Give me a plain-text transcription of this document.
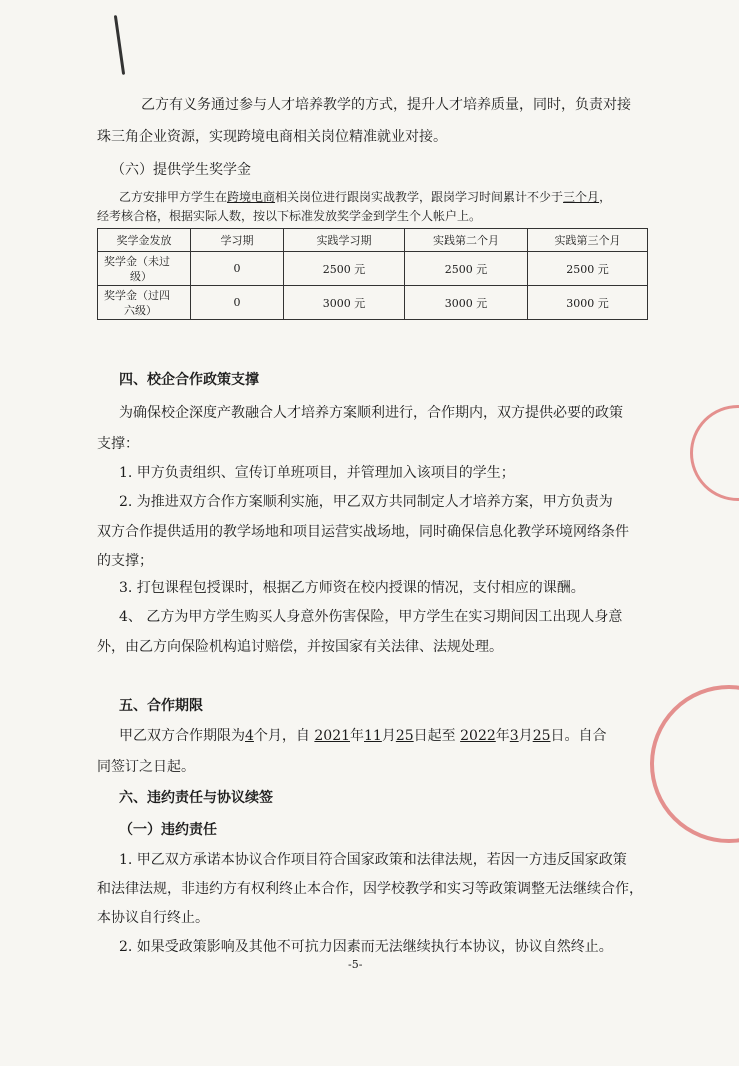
乙方有义务通过参与人才培养教学的方式，提升人才培养质量，同时，负责对接
珠三角企业资源，实现跨境电商相关岗位精准就业对接。
（六）提供学生奖学金
乙方安排甲方学生在跨境电商相关岗位进行跟岗实战教学，跟岗学习时间累计不少于三个月，
经考核合格，根据实际人数，按以下标准发放奖学金到学生个人帐户上。
奖学金发放	学习期	实践学习期	实践第二个月	实践第三个月
奖学金（未过
级）	0	2500 元	2500 元	2500 元
奖学金（过四
六级）	0	3000 元	3000 元	3000 元
四、校企合作政策支撑
为确保校企深度产教融合人才培养方案顺利进行，合作期内，双方提供必要的政策
支撑：
1. 甲方负责组织、宣传订单班项目，并管理加入该项目的学生；
2. 为推进双方合作方案顺利实施，甲乙双方共同制定人才培养方案，甲方负责为
双方合作提供适用的教学场地和项目运营实战场地，同时确保信息化教学环境网络条件
的支撑；
3. 打包课程包授课时，根据乙方师资在校内授课的情况，支付相应的课酬。
4、 乙方为甲方学生购买人身意外伤害保险，甲方学生在实习期间因工出现人身意
外，由乙方向保险机构追讨赔偿，并按国家有关法律、法规处理。
五、合作期限
甲乙双方合作期限为4个月，自 2021年11月25日起至 2022年3月25日。自合
同签订之日起。
六、违约责任与协议续签
（一）违约责任
1. 甲乙双方承诺本协议合作项目符合国家政策和法律法规，若因一方违反国家政策
和法律法规，非违约方有权利终止本合作，因学校教学和实习等政策调整无法继续合作，
本协议自行终止。
2. 如果受政策影响及其他不可抗力因素而无法继续执行本协议，协议自然终止。
-5-
